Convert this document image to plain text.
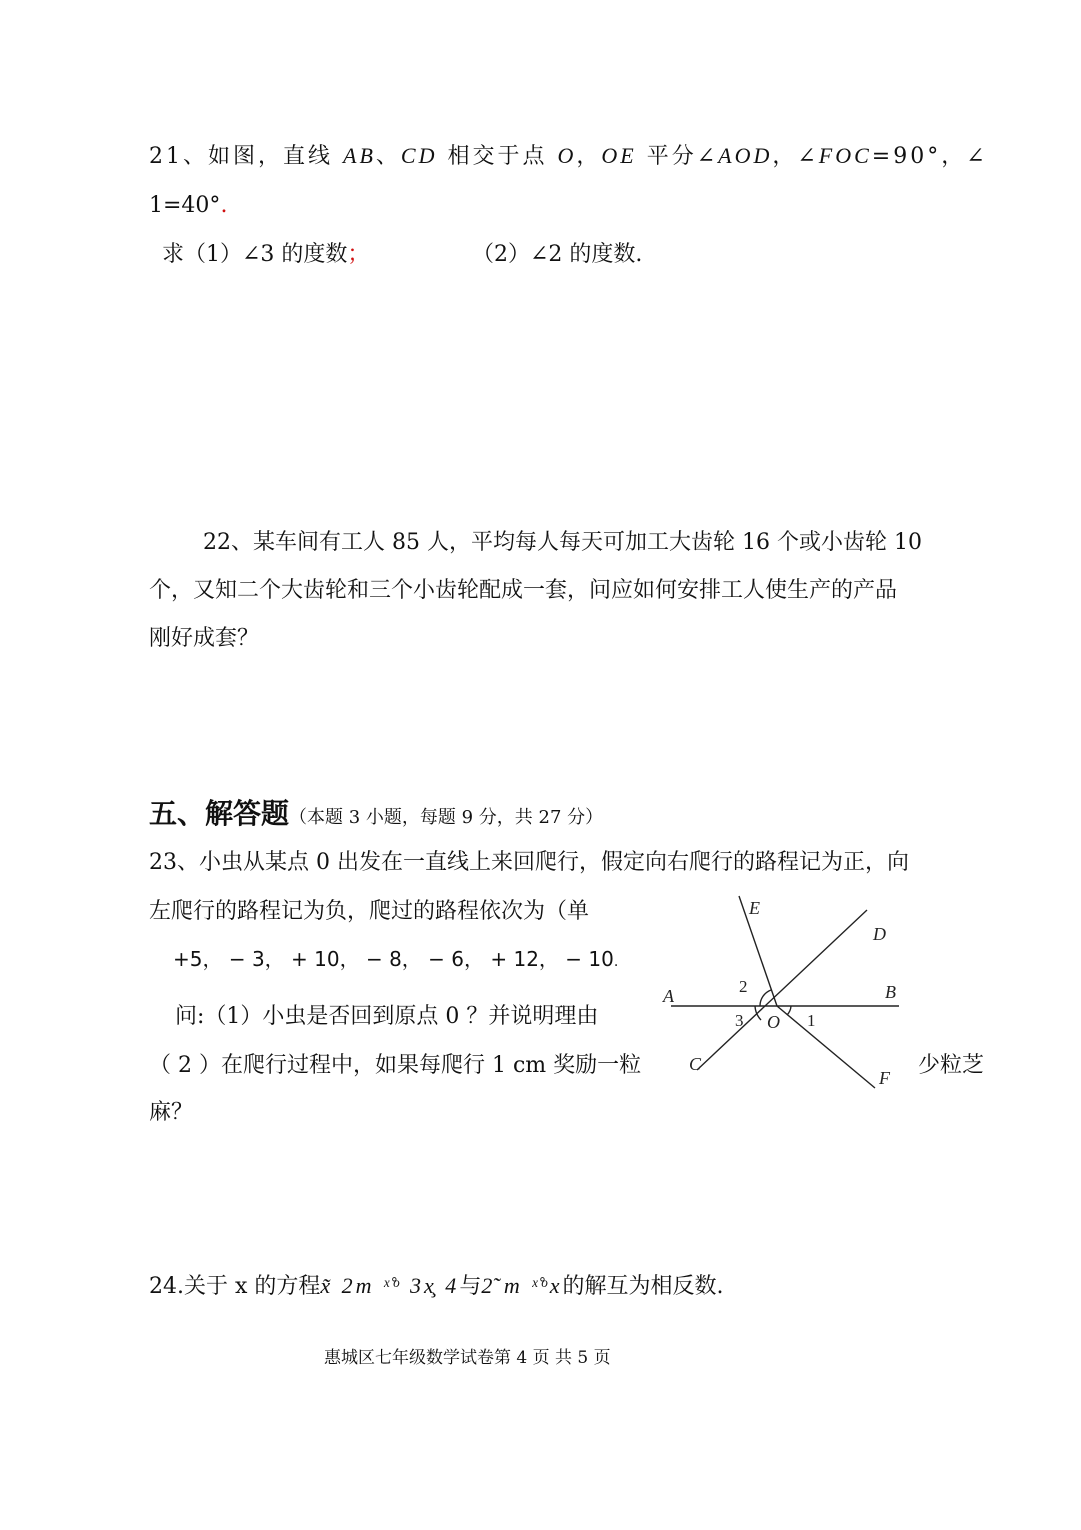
21、如图，直线 AB、CD 相交于点 O，OE 平分∠AOD，∠FOC=90°，∠
1=40°.
求（1）∠3 的度数；	（2）∠2 的度数.
22、某车间有工人 85 人，平均每人每天可加工大齿轮 16 个或小齿轮 10
个，又知二个大齿轮和三个小齿轮配成一套，问应如何安排工人使生产的产品
刚好成套？
五、解答题（本题 3 小题，每题 9 分，共 27 分）
23、小虫从某点 0 出发在一直线上来回爬行，假定向右爬行的路程记为正，向
左爬行的路程记为负，爬过的路程依次为（单
+5， − 3， + 10， − 8， − 6， + 12， − 10.
问:（1）小虫是否回到原点 0 ？并说明理由
（ 2 ）在爬行过程中，如果每爬行 1 cm 奖励一粒	少粒芝
麻？
E
D
A	B
C
F
O
2
3	1
24.关于 x 的方程x̃ 2m ˣ̊ᵒ 3x̧ 4与2̃ m ˣ̊ᵒx的解互为相反数.
惠城区七年级数学试卷第 4 页 共 5 页
